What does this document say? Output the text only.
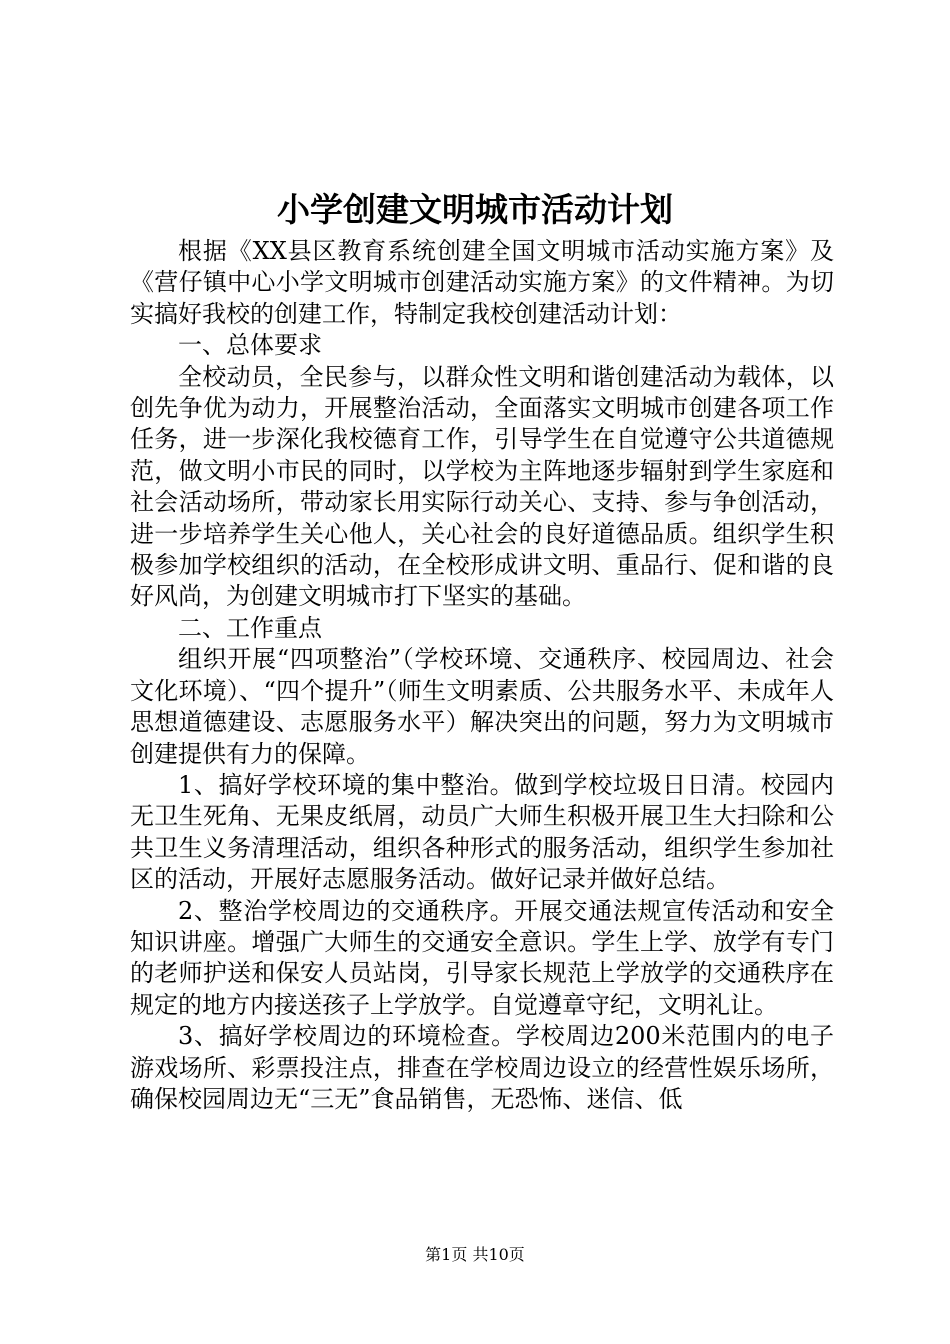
小学创建文明城市活动计划

根据《XX县区教育系统创建全国文明城市活动实施方案》及《营仔镇中心小学文明城市创建活动实施方案》的文件精神。为切实搞好我校的创建工作，特制定我校创建活动计划：

一、总体要求

全校动员，全民参与，以群众性文明和谐创建活动为载体，以创先争优为动力，开展整治活动，全面落实文明城市创建各项工作任务，进一步深化我校德育工作，引导学生在自觉遵守公共道德规范，做文明小市民的同时，以学校为主阵地逐步辐射到学生家庭和社会活动场所，带动家长用实际行动关心、支持、参与争创活动，进一步培养学生关心他人，关心社会的良好道德品质。组织学生积极参加学校组织的活动，在全校形成讲文明、重品行、促和谐的良好风尚，为创建文明城市打下坚实的基础。

二、工作重点

组织开展“四项整治”（学校环境、交通秩序、校园周边、社会文化环境）、“四个提升”（师生文明素质、公共服务水平、未成年人思想道德建设、志愿服务水平）解决突出的问题，努力为文明城市创建提供有力的保障。

1、搞好学校环境的集中整治。做到学校垃圾日日清。校园内无卫生死角、无果皮纸屑，动员广大师生积极开展卫生大扫除和公共卫生义务清理活动，组织各种形式的服务活动，组织学生参加社区的活动，开展好志愿服务活动。做好记录并做好总结。

2、整治学校周边的交通秩序。开展交通法规宣传活动和安全知识讲座。增强广大师生的交通安全意识。学生上学、放学有专门的老师护送和保安人员站岗，引导家长规范上学放学的交通秩序在规定的地方内接送孩子上学放学。自觉遵章守纪，文明礼让。

3、搞好学校周边的环境检查。学校周边200米范围内的电子游戏场所、彩票投注点，排查在学校周边设立的经营性娱乐场所，确保校园周边无“三无”食品销售，无恐怖、迷信、低

第1页 共10页
